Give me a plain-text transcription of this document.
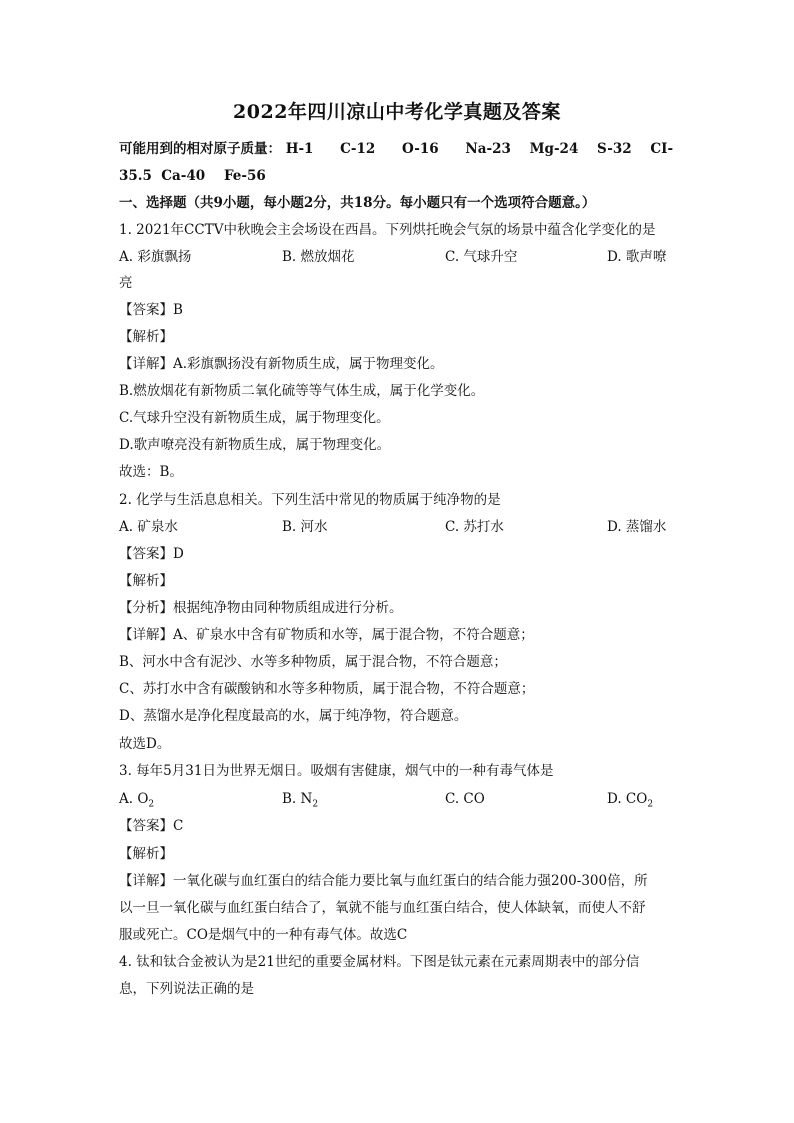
2022年四川凉山中考化学真题及答案
可能用到的相对原子质量： H-1 C-12 O-16 Na-23 Mg-24 S-32 CI-
35.5  Ca-40    Fe-56
一、选择题（共9小题，每小题2分，共18分。每小题只有一个选项符合题意。）
1. 2021年CCTV中秋晚会主会场设在西昌。下列烘托晚会气氛的场景中蕴含化学变化的是
A. 彩旗飘扬	B. 燃放烟花	C. 气球升空	D. 歌声嘹
亮
【答案】B
【解析】
【详解】A.彩旗飘扬没有新物质生成，属于物理变化。
B.燃放烟花有新物质二氧化硫等等气体生成，属于化学变化。
C.气球升空没有新物质生成，属于物理变化。
D.歌声嘹亮没有新物质生成，属于物理变化。
故选：B。
2. 化学与生活息息相关。下列生活中常见的物质属于纯净物的是
A. 矿泉水	B. 河水	C. 苏打水	D. 蒸馏水
【答案】D
【解析】
【分析】根据纯净物由同种物质组成进行分析。
【详解】A、矿泉水中含有矿物质和水等，属于混合物，不符合题意；
B、河水中含有泥沙、水等多种物质，属于混合物，不符合题意；
C、苏打水中含有碳酸钠和水等多种物质，属于混合物，不符合题意；
D、蒸馏水是净化程度最高的水，属于纯净物，符合题意。
故选D。
3. 每年5月31日为世界无烟日。吸烟有害健康，烟气中的一种有毒气体是
A. $O_2$	B. $N_2$	C. CO	D. $CO_2$
【答案】C
【解析】
【详解】一氧化碳与血红蛋白的结合能力要比氧与血红蛋白的结合能力强200-300倍，所
以一旦一氧化碳与血红蛋白结合了，氧就不能与血红蛋白结合，使人体缺氧，而使人不舒
服或死亡。CO是烟气中的一种有毒气体。故选C
4. 钛和钛合金被认为是21世纪的重要金属材料。下图是钛元素在元素周期表中的部分信
息，下列说法正确的是
